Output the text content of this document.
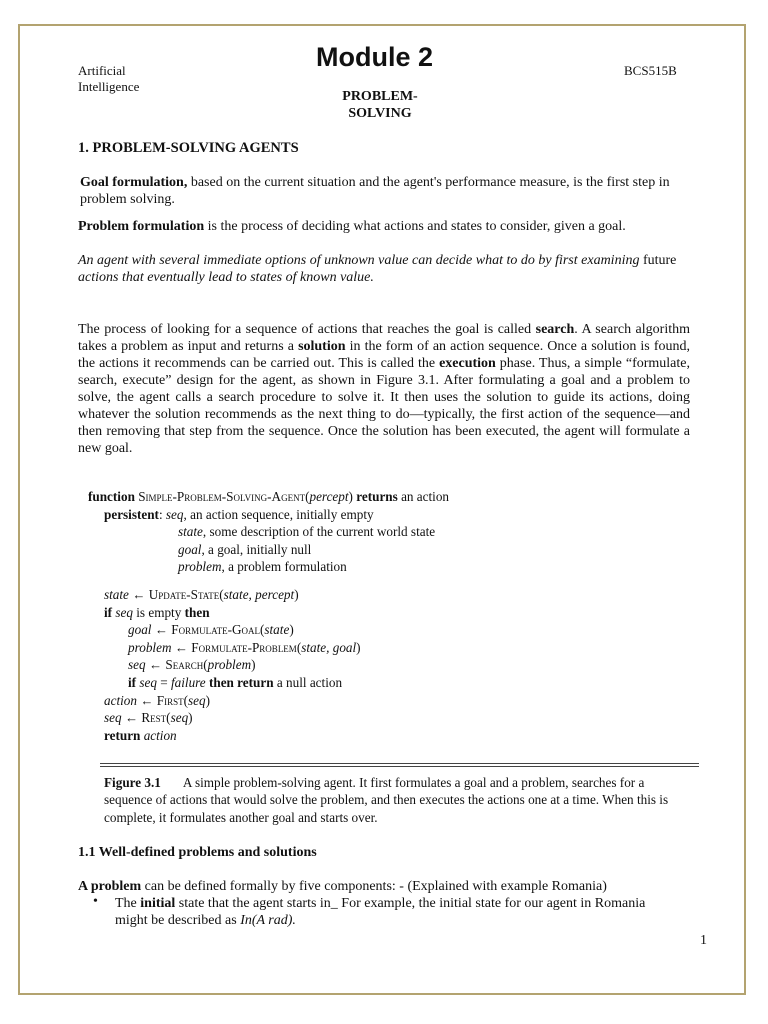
Artificial
Intelligence
Module 2	BCS515B
PROBLEM-
SOLVING
1. PROBLEM-SOLVING AGENTS
Goal formulation, based on the current situation and the agent's performance measure, is the first step in problem solving.
Problem formulation is the process of deciding what actions and states to consider, given a goal.
An agent with several immediate options of unknown value can decide what to do by first examining future
actions that eventually lead to states of known value.
The process of looking for a sequence of actions that reaches the goal is called search. A search algorithm takes a problem as input and returns a solution in the form of an action sequence. Once a solution is found, the actions it recommends can be carried out. This is called the execution phase. Thus, a simple “formulate, search, execute” design for the agent, as shown in Figure 3.1. After formulating a goal and a problem to solve, the agent calls a search procedure to solve it. It then uses the solution to guide its actions, doing whatever the solution recommends as the next thing to do—typically, the first action of the sequence—and then removing that step from the sequence. Once the solution has been executed, the agent will formulate a new goal.
function Simple-Problem-Solving-Agent(percept) returns an action
persistent: seq, an action sequence, initially empty
state, some description of the current world state
goal, a goal, initially null
problem, a problem formulation
state ← Update-State(state, percept)
if seq is empty then
goal ← Formulate-Goal(state)
problem ← Formulate-Problem(state, goal)
seq ← Search(problem)
if seq = failure then return a null action
action ← First(seq)
seq ← Rest(seq)
return action
Figure 3.1 A simple problem-solving agent. It first formulates a goal and a problem, searches for a sequence of actions that would solve the problem, and then executes the actions one at a time. When this is complete, it formulates another goal and starts over.
1.1 Well-defined problems and solutions
A problem can be defined formally by five components: - (Explained with example Romania)
• The initial state that the agent starts in_ For example, the initial state for our agent in Romania might be described as In(A rad).
1
